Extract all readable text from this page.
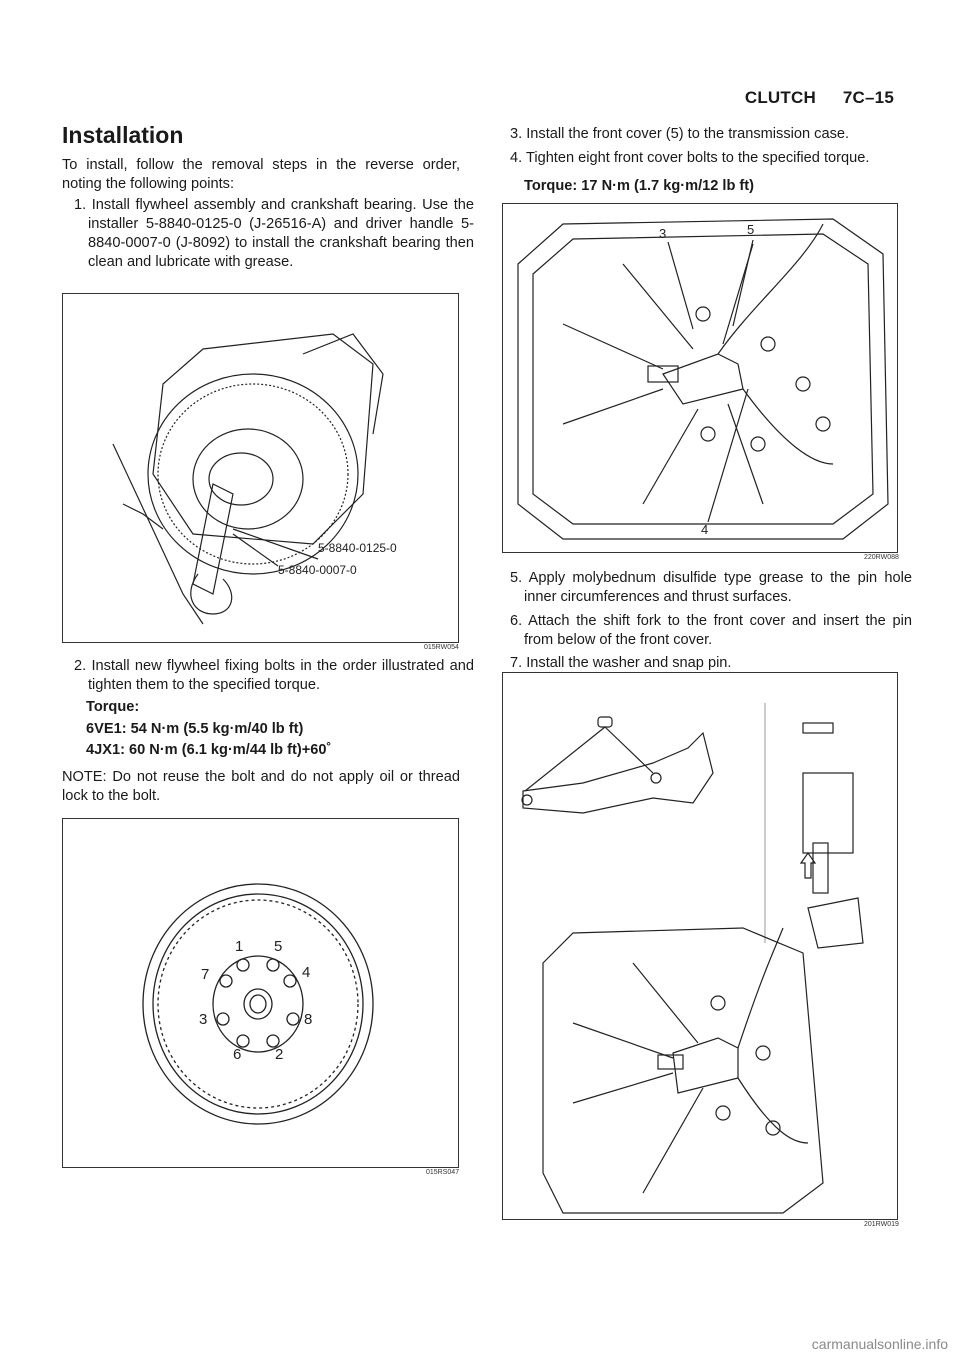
CLUTCH 7C–15
Installation
To install, follow the removal steps in the reverse order, noting the following points:
1. Install flywheel assembly and crankshaft bearing. Use the installer 5-8840-0125-0 (J-26516-A) and driver handle 5-8840-0007-0 (J-8092) to install the crankshaft bearing then clean and lubricate with grease.
5-8840-0125-0
5-8840-0007-0
015RW054
2. Install new flywheel fixing bolts in the order illustrated and tighten them to the specified torque.
Torque:
6VE1: 54 N·m (5.5 kg·m/40 lb ft)
4JX1: 60 N·m (6.1 kg·m/44 lb ft)+60˚
NOTE: Do not reuse the bolt and do not apply oil or thread lock to the bolt.
1 5
7	4
3	8
6 2
015RS047
3. Install the front cover (5) to the transmission case.
4. Tighten eight front cover bolts to the specified torque.
Torque: 17 N·m (1.7 kg·m/12 lb ft)
3	5
4
220RW088
5. Apply molybednum disulfide type grease to the pin hole inner circumferences and thrust surfaces.
6. Attach the shift fork to the front cover and insert the pin from below of the front cover.
7. Install the washer and snap pin.
201RW019
carmanualsonline.info
